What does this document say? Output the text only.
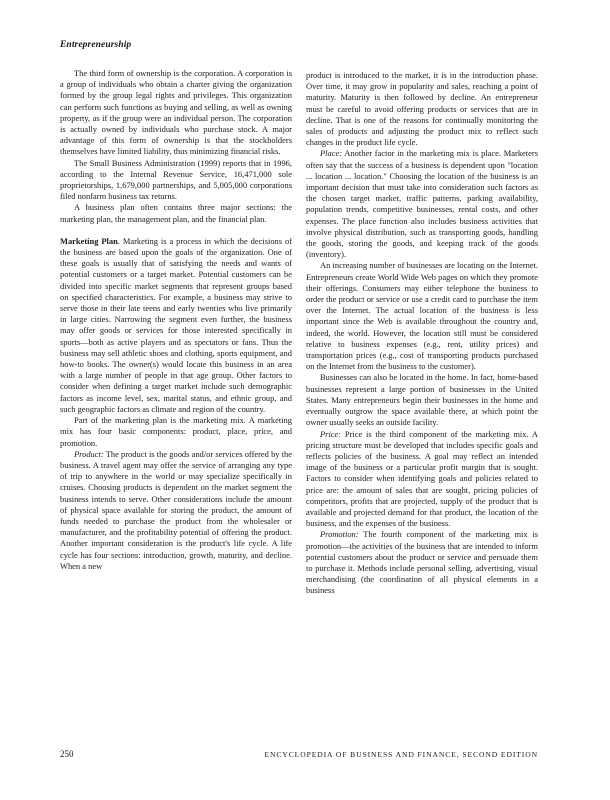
Entrepreneurship

The third form of ownership is the corporation. A corporation is a group of individuals who obtain a charter giving the organization formed by the group legal rights and privileges. This organization can perform such functions as buying and selling, as well as owning property, as if the group were an individual person. The corporation is actually owned by individuals who purchase stock. A major advantage of this form of ownership is that the stockholders themselves have limited liability, thus minimizing financial risks.

The Small Business Administration (1999) reports that in 1996, according to the Internal Revenue Service, 16,471,000 sole proprietorships, 1,679,000 partnerships, and 5,005,000 corporations filed nonfarm business tax returns.

A business plan often contains three major sections: the marketing plan, the management plan, and the financial plan.

Marketing Plan. Marketing is a process in which the decisions of the business are based upon the goals of the organization. One of these goals is usually that of satisfying the needs and wants of potential customers or a target market. Potential customers can be divided into specific market segments that represent groups based on specified characteristics. For example, a business may strive to serve those in their late teens and early twenties who live primarily in large cities. Narrowing the segment even further, the business may offer goods or services for those interested specifically in sports—both as active players and as spectators or fans. Thus the business may sell athletic shoes and clothing, sports equipment, and how-to books. The owner(s) would locate this business in an area with a large number of people in that age group. Other factors to consider when defining a target market include such demographic factors as income level, sex, marital status, and ethnic group, and such geographic factors as climate and region of the country.

Part of the marketing plan is the marketing mix. A marketing mix has four basic components: product, place, price, and promotion.

Product: The product is the goods and/or services offered by the business. A travel agent may offer the service of arranging any type of trip to anywhere in the world or may specialize specifically in cruises. Choosing products is dependent on the market segment the business intends to serve. Other considerations include the amount of physical space available for storing the product, the amount of funds needed to purchase the product from the wholesaler or manufacturer, and the profitability potential of offering the product. Another important consideration is the product's life cycle. A life cycle has four sections: introduction, growth, maturity, and decline. When a new

product is introduced to the market, it is in the introduction phase. Over time, it may grow in popularity and sales, reaching a point of maturity. Maturity is then followed by decline. An entrepreneur must be careful to avoid offering products or services that are in decline. That is one of the reasons for continually monitoring the sales of products and adjusting the product mix to reflect such changes in the product life cycle.

Place: Another factor in the marketing mix is place. Marketers often say that the success of a business is dependent upon "location ... location ... location." Choosing the location of the business is an important decision that must take into consideration such factors as the chosen target market, traffic patterns, parking availability, population trends, competitive businesses, rental costs, and other expenses. The place function also includes business activities that involve physical distribution, such as transporting goods, handling the goods, storing the goods, and keeping track of the goods (inventory).

An increasing number of businesses are locating on the Internet. Entrepreneurs create World Wide Web pages on which they promote their offerings. Consumers may either telephone the business to order the product or service or use a credit card to purchase the item over the Internet. The actual location of the business is less important since the Web is available throughout the country and, indeed, the world. However, the location still must be considered relative to business expenses (e.g., rent, utility prices) and transportation prices (e.g., cost of transporting products purchased on the Internet from the business to the customer).

Businesses can also be located in the home. In fact, home-based businesses represent a large portion of businesses in the United States. Many entrepreneurs begin their businesses in the home and eventually outgrow the space available there, at which point the owner usually seeks an outside facility.

Price: Price is the third component of the marketing mix. A pricing structure must be developed that includes specific goals and reflects policies of the business. A goal may reflect an intended image of the business or a particular profit margin that is sought. Factors to consider when identifying goals and policies related to price are: the amount of sales that are sought, pricing policies of competitors, profits that are projected, supply of the product that is available and projected demand for that product, the location of the business, and the expenses of the business.

Promotion: The fourth component of the marketing mix is promotion—the activities of the business that are intended to inform potential customers about the product or service and persuade them to purchase it. Methods include personal selling, advertising, visual merchandising (the coordination of all physical elements in a business

250	ENCYCLOPEDIA OF BUSINESS AND FINANCE, SECOND EDITION
